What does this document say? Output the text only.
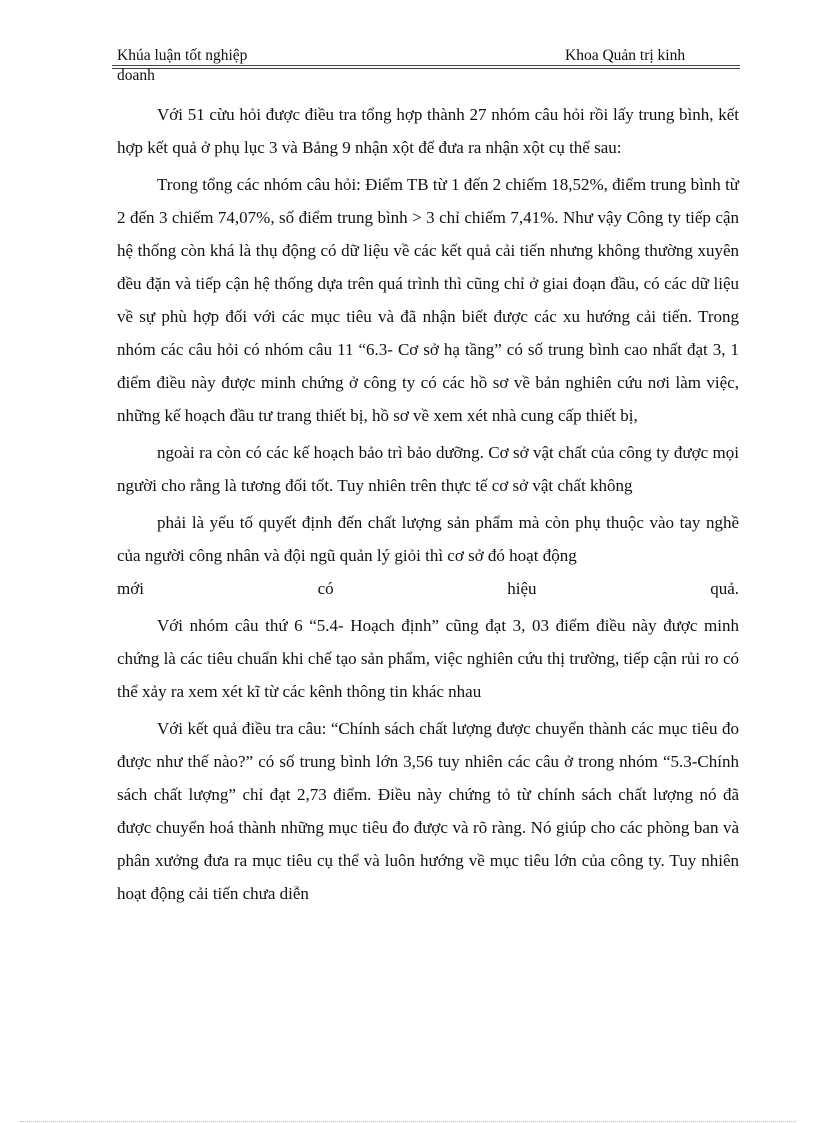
Khúa luận tốt nghiệp	Khoa Quản trị kinh
doanh

Với 51 cừu hỏi được điều tra tổng hợp thành 27 nhóm câu hỏi rồi lấy trung bình, kết hợp kết quả ở phụ lục 3 và Bảng 9 nhận xột để đưa ra nhận xột cụ thể sau:

Trong tổng các nhóm câu hỏi: Điểm TB từ 1 đến 2 chiếm 18,52%, điểm trung bình từ 2 đến 3 chiếm 74,07%, số điểm trung bình > 3 chỉ chiếm 7,41%. Như vậy Công ty tiếp cận hệ thống còn khá là thụ động có dữ liệu về các kết quả cải tiến nhưng không thường xuyên đều đặn và tiếp cận hệ thống dựa trên quá trình thì cũng chỉ ở giai đoạn đầu, có các dữ liệu về sự phù hợp đối với các mục tiêu và đã nhận biết được các xu hướng cải tiến. Trong nhóm các câu hỏi có nhóm câu 11 “6.3- Cơ sở hạ tầng” có số trung bình cao nhất đạt 3, 1 điểm điều này được minh chứng ở công ty có các hồ sơ về bản nghiên cứu nơi làm việc, những kế hoạch đầu tư trang thiết bị, hồ sơ về xem xét nhà cung cấp thiết bị,

ngoài ra còn có các kế hoạch bảo trì bảo dưỡng. Cơ sở vật chất của công ty được mọi người cho rằng là tương đối tốt. Tuy nhiên trên thực tế cơ sở vật chất không

phải là yếu tố quyết định đến chất lượng sản phẩm mà còn phụ thuộc vào tay nghề của người công nhân và đội ngũ quản lý giỏi thì cơ sở đó hoạt động

mới	có	hiệu	quả.

Với nhóm câu thứ 6 “5.4- Hoạch định” cũng đạt 3, 03 điểm điều này được minh chứng là các tiêu chuẩn khi chế tạo sản phẩm, việc nghiên cứu thị trường, tiếp cận rủi ro có thể xảy ra xem xét kĩ từ các kênh thông tin khác nhau

Với kết quả điều tra câu: “Chính sách chất lượng được chuyển thành các mục tiêu đo được như thế nào?” có số trung bình lớn 3,56 tuy nhiên các câu ở trong nhóm “5.3-Chính sách chất lượng” chỉ đạt 2,73 điểm. Điều này chứng tỏ từ chính sách chất lượng nó đã được chuyển hoá thành những mục tiêu đo được và rõ ràng. Nó giúp cho các phòng ban và phân xưởng đưa ra mục tiêu cụ thể và luôn hướng về mục tiêu lớn của công ty. Tuy nhiên hoạt động cải tiến chưa diễn
